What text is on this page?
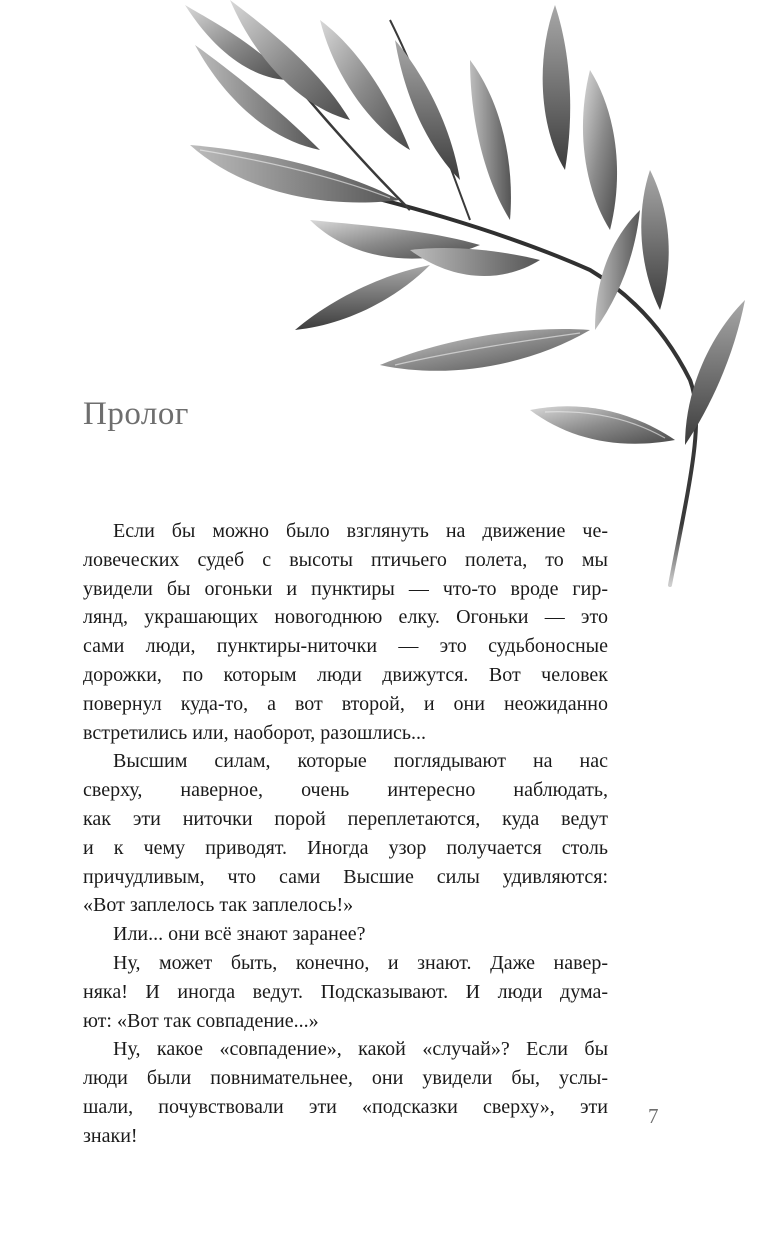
Пролог
Если бы можно было взглянуть на движение че-
ловеческих судеб с высоты птичьего полета, то мы
увидели бы огоньки и пунктиры — что-то вроде гир-
лянд, украшающих новогоднюю елку. Огоньки — это
сами люди, пунктиры-ниточки — это судьбоносные
дорожки, по которым люди движутся. Вот человек
повернул куда-то, а вот второй, и они неожиданно
встретились или, наоборот, разошлись...
Высшим силам, которые поглядывают на нас
сверху, наверное, очень интересно наблюдать,
как эти ниточки порой переплетаются, куда ведут
и к чему приводят. Иногда узор получается столь
причудливым, что сами Высшие силы удивляются:
«Вот заплелось так заплелось!»
Или... они всё знают заранее?
Ну, может быть, конечно, и знают. Даже навер-
няка! И иногда ведут. Подсказывают. И люди дума-
ют: «Вот так совпадение...»
Ну, какое «совпадение», какой «случай»? Если бы
люди были повнимательнее, они увидели бы, услы-
шали, почувствовали эти «подсказки сверху», эти
знаки!
7
